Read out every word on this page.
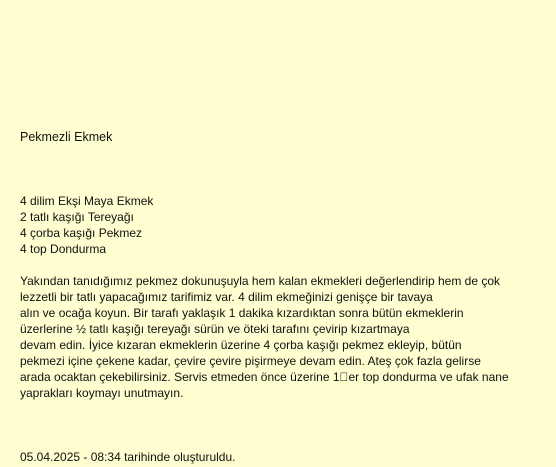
Pekmezli Ekmek
4 dilim Ekşi Maya Ekmek
2 tatlı kaşığı Tereyağı
4 çorba kaşığı Pekmez
4 top Dondurma
Yakından tanıdığımız pekmez dokunuşuyla hem kalan ekmekleri değerlendirip hem de çok
lezzetli bir tatlı yapacağımız tarifimiz var. 4 dilim ekmeğinizi genişçe bir tavaya
alın ve ocağa koyun. Bir tarafı yaklaşık 1 dakika kızardıktan sonra bütün ekmeklerin
üzerlerine ½ tatlı kaşığı tereyağı sürün ve öteki tarafını çevirip kızartmaya
devam edin. İyice kızaran ekmeklerin üzerine 4 çorba kaşığı pekmez ekleyip, bütün
pekmezi içine çekene kadar, çevire çevire pişirmeye devam edin. Ateş çok fazla gelirse
arada ocaktan çekebilirsiniz. Servis etmeden önce üzerine 1 er top dondurma ve ufak nane
yaprakları koymayı unutmayın.
05.04.2025 - 08:34 tarihinde oluşturuldu.
